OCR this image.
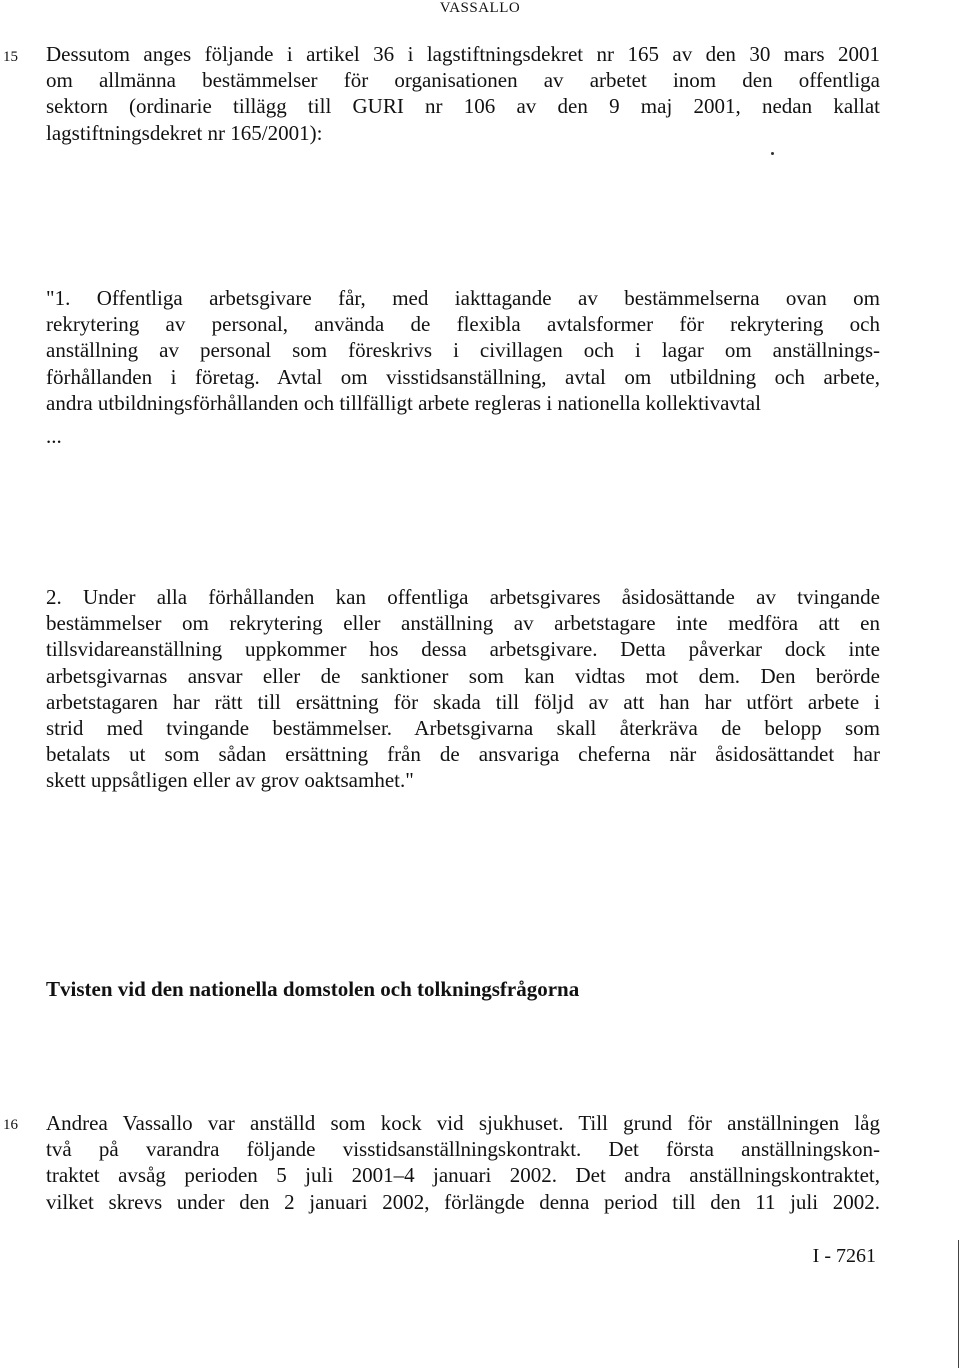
VASSALLO
15 Dessutom anges följande i artikel 36 i lagstiftningsdekret nr 165 av den 30 mars 2001
om allmänna bestämmelser för organisationen av arbetet inom den offentliga
sektorn (ordinarie tillägg till GURI nr 106 av den 9 maj 2001, nedan kallat
lagstiftningsdekret nr 165/2001):
"1. Offentliga arbetsgivare får, med iakttagande av bestämmelserna ovan om
rekrytering av personal, använda de flexibla avtalsformer för rekrytering och
anställning av personal som föreskrivs i civillagen och i lagar om anställnings-
förhållanden i företag. Avtal om visstidsanställning, avtal om utbildning och arbete,
andra utbildningsförhållanden och tillfälligt arbete regleras i nationella kollektivavtal
...
2. Under alla förhållanden kan offentliga arbetsgivares åsidosättande av tvingande
bestämmelser om rekrytering eller anställning av arbetstagare inte medföra att en
tillsvidareanställning uppkommer hos dessa arbetsgivare. Detta påverkar dock inte
arbetsgivarnas ansvar eller de sanktioner som kan vidtas mot dem. Den berörde
arbetstagaren har rätt till ersättning för skada till följd av att han har utfört arbete i
strid med tvingande bestämmelser. Arbetsgivarna skall återkräva de belopp som
betalats ut som sådan ersättning från de ansvariga cheferna när åsidosättandet har
skett uppsåtligen eller av grov oaktsamhet."
Tvisten vid den nationella domstolen och tolkningsfrågorna
16 Andrea Vassallo var anställd som kock vid sjukhuset. Till grund för anställningen låg
två på varandra följande visstidsanställningskontrakt. Det första anställningskon-
traktet avsåg perioden 5 juli 2001–4 januari 2002. Det andra anställningskontraktet,
vilket skrevs under den 2 januari 2002, förlängde denna period till den 11 juli 2002.
I - 7261
